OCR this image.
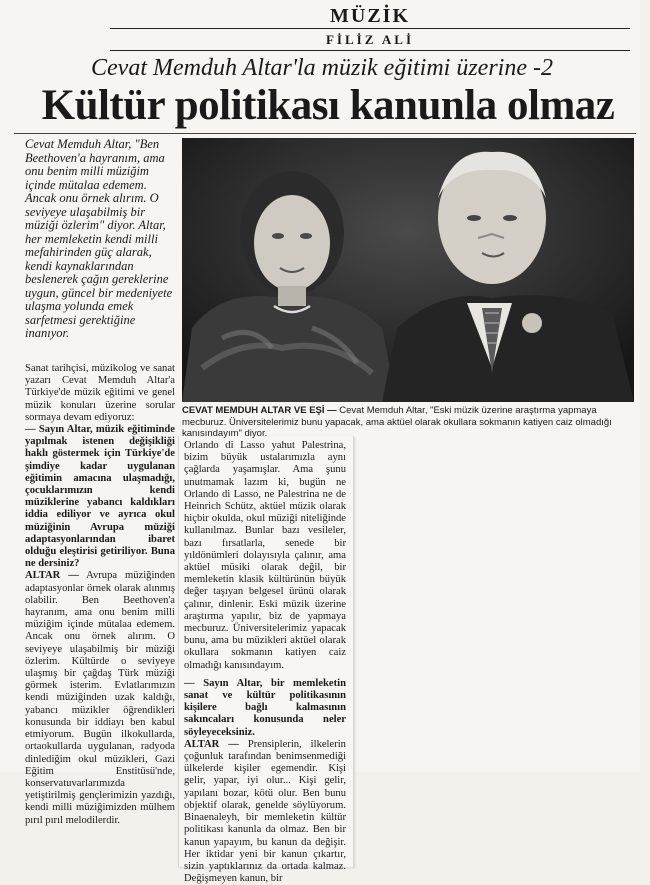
MÜZİK
FİLİZ ALİ
Cevat Memduh Altar'la müzik eğitimi üzerine -2
Kültür politikası kanunla olmaz
Cevat Memduh Altar, "Ben Beethoven'a hayranım, ama onu benim milli müziğim içinde mütalaa edemem. Ancak onu örnek alırım. O seviyeye ulaşabilmiş bir müziği özlerim" diyor. Altar, her memleketin kendi milli mefahirinden güç alarak, kendi kaynaklarından beslenerek çağın gereklerine uygun, güncel bir medeniyete ulaşma yolunda emek sarfetmesi gerektiğine inanıyor.
CEVAT MEMDUH ALTAR VE EŞİ — Cevat Memduh Altar, "Eski müzik üzerine araştırma yapmaya mecburuz. Üniversitelerimiz bunu yapacak, ama aktüel olarak okullara sokmanın katiyen caiz olmadığı kanısındayım" diyor.

Sanat tarihçisi, müzikolog ve sanat yazarı Cevat Memduh Altar'a Türkiye'de müzik eğitimi ve genel müzik konuları üzerine sorular sormaya devam ediyoruz:

— Sayın Altar, müzik eğitiminde yapılmak istenen değişikliği haklı göstermek için Türkiye'de şimdiye kadar uygulanan eğitimin amacına ulaşmadığı, çocuklarımızın kendi müziklerine yabancı kaldıkları iddia ediliyor ve ayrıca okul müziğinin Avrupa müziği adaptasyonlarından ibaret olduğu eleştirisi getiriliyor. Buna ne dersiniz?

ALTAR — Avrupa müziğinden adaptasyonlar örnek olarak alınmış olabilir. Ben Beethoven'a hayranım, ama onu benim milli müziğim içinde mütalaa edemem. Ancak onu örnek alırım. O seviyeye ulaşabilmiş bir müziği özlerim. Kültürde o seviyeye ulaşmış bir çağdaş Türk müziği görmek isterim. Evlatlarımızın kendi müziğinden uzak kaldığı, yabancı müzikler öğrendikleri konusunda bir iddiayı ben kabul etmiyorum. Bugün ilkokullarda, ortaokullarda uygulanan, radyoda dinlediğim okul müzikleri, Gazi Eğitim Enstitüsü'nde, konservatuvarlarımızda yetiştirilmiş gençlerimizin yazdığı, kendi milli müziğimizden mülhem pırıl pırıl melodilerdir.

Orlando di Lasso yahut Palestrina, bizim büyük ustalarımızla aynı çağlarda yaşamışlar. Ama şunu unutmamak lazım ki, bugün ne Orlando di Lasso, ne Palestrina ne de Heinrich Schütz, aktüel müzik olarak hiçbir okulda, okul müziği niteliğinde kullanılmaz. Bunlar bazı vesileler, bazı fırsatlarla, senede bir yıldönümleri dolayısıyla çalınır, ama aktüel müsiki olarak değil, bir memleketin klasik kültürünün büyük değer taşıyan belgesel ürünü olarak çalınır, dinlenir. Eski müzik üzerine araştırma yapılır, biz de yapmaya mecburuz. Üniversitelerimiz yapacak bunu, ama bu müzikleri aktüel olarak okullara sokmanın katiyen caiz olmadığı kanısındayım.

— Sayın Altar, bir memleketin sanat ve kültür politikasının kişilere bağlı kalmasının sakıncaları konusunda neler söyleyeceksiniz.

ALTAR — Prensiplerin, ilkelerin çoğunluk tarafından benimsenmediği ülkelerde kişiler egemendir. Kişi gelir, yapar, iyi olur... Kişi gelir, yapılanı bozar, kötü olur. Ben bunu objektif olarak, genelde söylüyorum. Binaenaleyh, bir memleketin kültür politikası kanunla da olmaz. Ben bir kanun yapayım, bu kanun da değişir. Her iktidar yeni bir kanun çıkartır, sizin yaptıklarınız da ortada kalmaz. Değişmeyen kanun, bir
